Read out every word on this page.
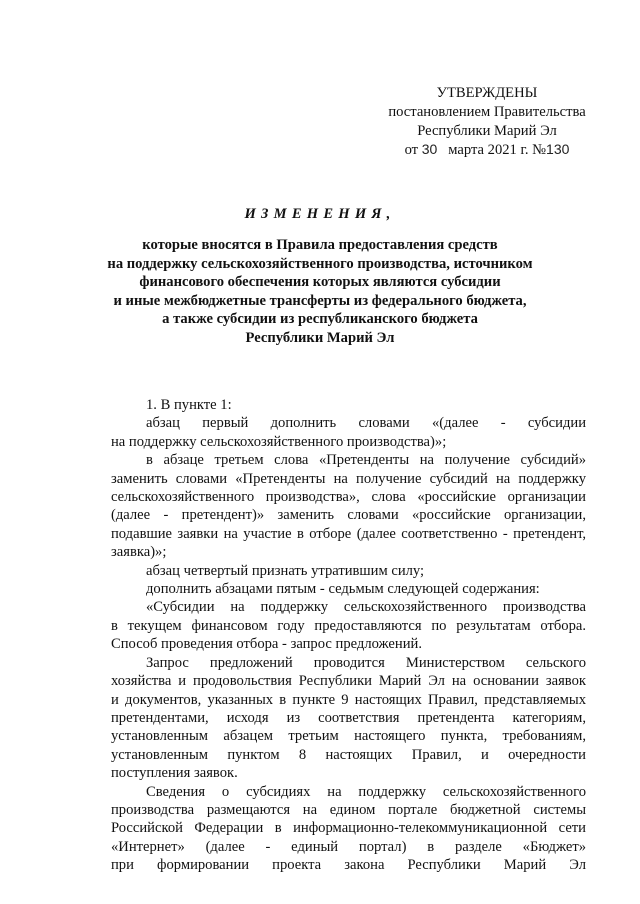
УТВЕРЖДЕНЫ
постановлением Правительства
Республики Марий Эл
от 30 марта 2021 г. №130
ИЗМЕНЕНИЯ,
которые вносятся в Правила предоставления средств
на поддержку сельскохозяйственного производства, источником
финансового обеспечения которых являются субсидии
и иные межбюджетные трансферты из федерального бюджета,
а также субсидии из республиканского бюджета
Республики Марий Эл
1. В пункте 1:
абзац первый дополнить словами «(далее - субсидии
на поддержку сельскохозяйственного производства)»;
в абзаце третьем слова «Претенденты на получение субсидий»
заменить словами «Претенденты на получение субсидий на поддержку
сельскохозяйственного производства», слова «российские организации
(далее - претендент)» заменить словами «российские организации,
подавшие заявки на участие в отборе (далее соответственно - претендент,
заявка)»;
абзац четвертый признать утратившим силу;
дополнить абзацами пятым - седьмым следующей содержания:
«Субсидии на поддержку сельскохозяйственного производства
в текущем финансовом году предоставляются по результатам отбора.
Способ проведения отбора - запрос предложений.
Запрос предложений проводится Министерством сельского
хозяйства и продовольствия Республики Марий Эл на основании заявок
и документов, указанных в пункте 9 настоящих Правил, представляемых
претендентами, исходя из соответствия претендента категориям,
установленным абзацем третьим настоящего пункта, требованиям,
установленным пунктом 8 настоящих Правил, и очередности
поступления заявок.
Сведения о субсидиях на поддержку сельскохозяйственного
производства размещаются на едином портале бюджетной системы
Российской Федерации в информационно-телекоммуникационной сети
«Интернет» (далее - единый портал) в разделе «Бюджет»
при формировании проекта закона Республики Марий Эл
